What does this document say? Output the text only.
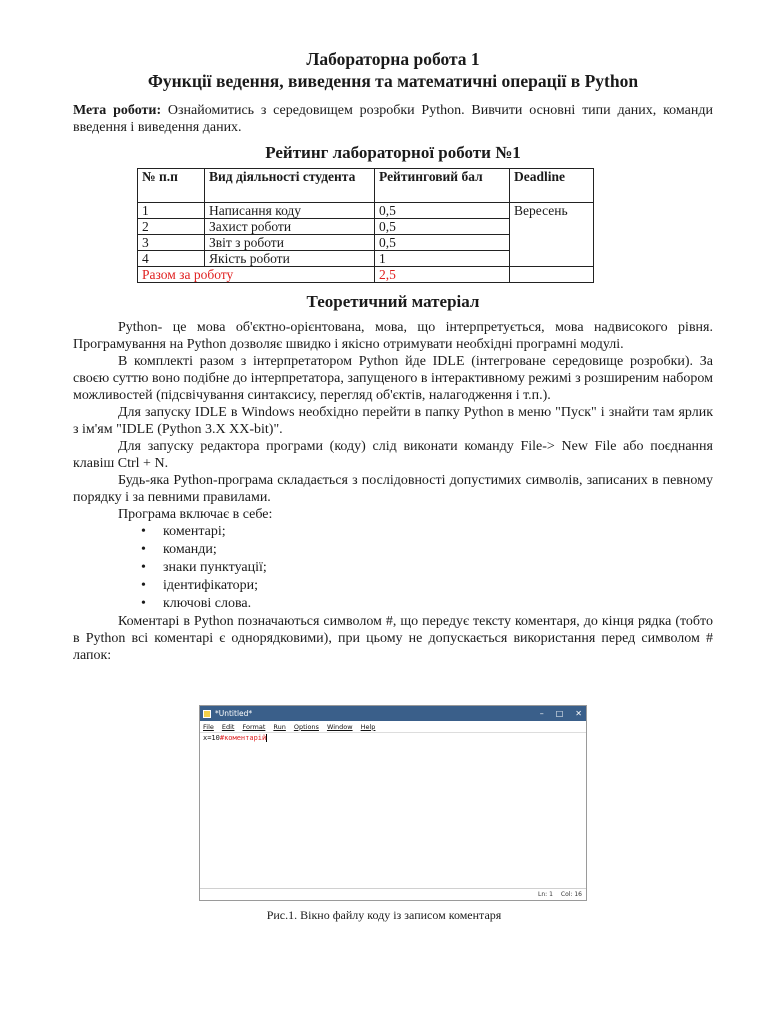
Лабораторна робота 1

Функції ведення, виведення та математичні операції в Python

Мета роботи: Ознайомитись з середовищем розробки Python. Вивчити основні типи даних, команди введення і виведення даних.

Рейтинг лабораторної роботи №1

№ п.п	Вид діяльності студента	Рейтинговий бал	Deadline
1	Написання коду	0,5	Вересень
2	Захист роботи	0,5	
3	Звіт з роботи	0,5	
4	Якість роботи	1	
Разом за роботу		2,5	

Теоретичний матеріал

Python- це мова об'єктно-орієнтована, мова, що інтерпретується, мова надвисокого рівня. Програмування на Python дозволяє швидко і якісно отримувати необхідні програмні модулі.

В комплекті разом з інтерпретатором Python йде IDLE (інтегроване середовище розробки). За своєю суттю воно подібне до інтерпретатора, запущеного в інтерактивному режимі з розширеним набором можливостей (підсвічування синтаксису, перегляд об'єктів, налагодження і т.п.).

Для запуску IDLE в Windows необхідно перейти в папку Python в меню "Пуск" і знайти там ярлик з ім'ям "IDLE (Python 3.X XX-bit)".

Для запуску редактора програми (коду) слід виконати команду File-> New File або поєднання клавіш Ctrl + N.

Будь-яка Python-програма складається з послідовності допустимих символів, записаних в певному порядку і за певними правилами.

Програма включає в себе:

• коментарі;
• команди;
• знаки пунктуації;
• ідентифікатори;
• ключові слова.

Коментарі в Python позначаються символом #, що передує тексту коментаря, до кінця рядка (тобто в Python всі коментарі є однорядковими), при цьому не допускається використання перед символом # лапок:

*Untitled*	– □ ✕
File Edit Format Run Options Window Help
x=10#коментарій
Ln: 1 Col: 16
Рис.1. Вікно файлу коду із записом коментаря
